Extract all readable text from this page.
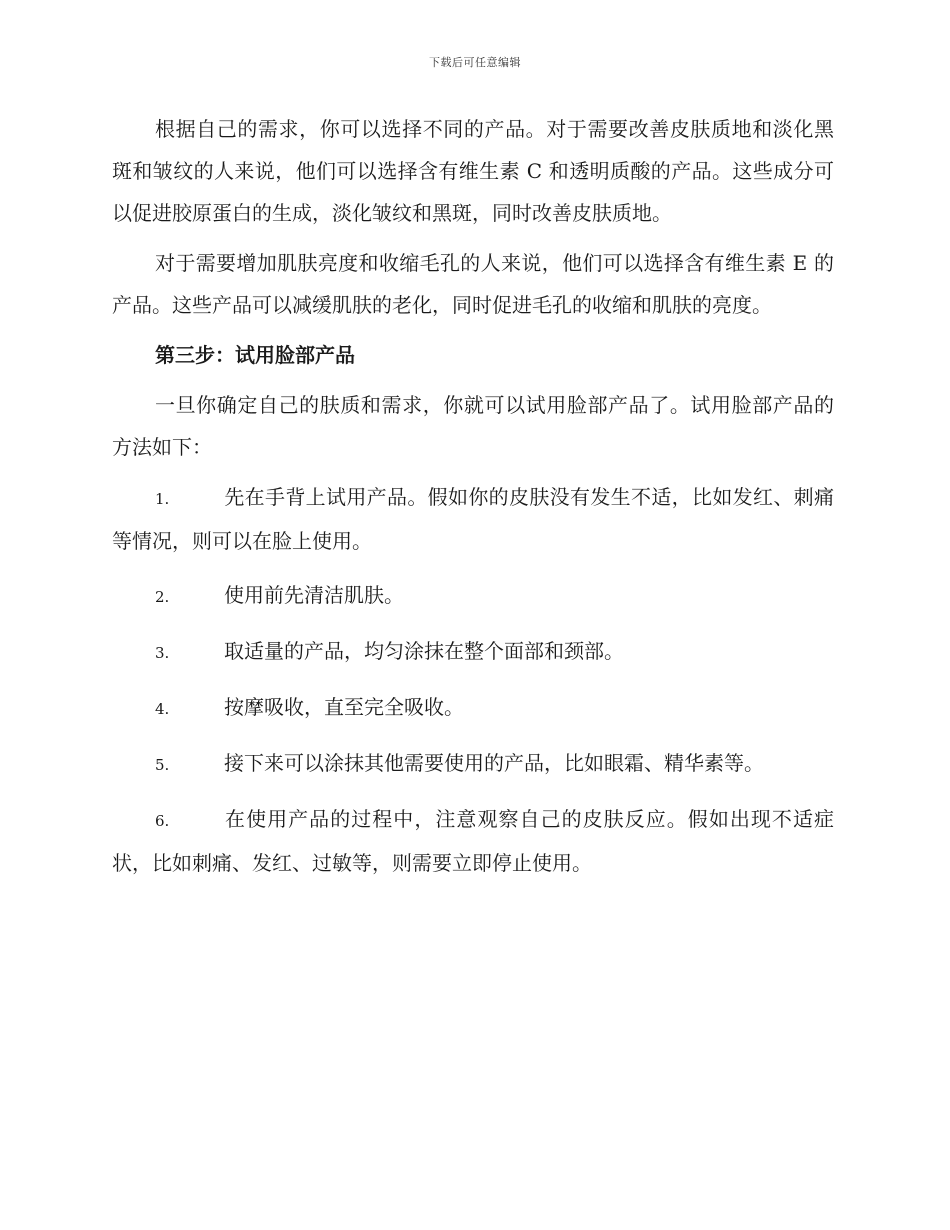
下载后可任意编辑

根据自己的需求，你可以选择不同的产品。对于需要改善皮肤质地和淡化黑斑和皱纹的人来说，他们可以选择含有维生素 C 和透明质酸的产品。这些成分可以促进胶原蛋白的生成，淡化皱纹和黑斑，同时改善皮肤质地。

对于需要增加肌肤亮度和收缩毛孔的人来说，他们可以选择含有维生素 E 的产品。这些产品可以减缓肌肤的老化，同时促进毛孔的收缩和肌肤的亮度。

第三步：试用脸部产品

一旦你确定自己的肤质和需求，你就可以试用脸部产品了。试用脸部产品的方法如下：

1.	先在手背上试用产品。假如你的皮肤没有发生不适，比如发红、刺痛等情况，则可以在脸上使用。

2.	使用前先清洁肌肤。

3.	取适量的产品，均匀涂抹在整个面部和颈部。

4.	按摩吸收，直至完全吸收。

5.	接下来可以涂抹其他需要使用的产品，比如眼霜、精华素等。

6.	在使用产品的过程中，注意观察自己的皮肤反应。假如出现不适症状，比如刺痛、发红、过敏等，则需要立即停止使用。
